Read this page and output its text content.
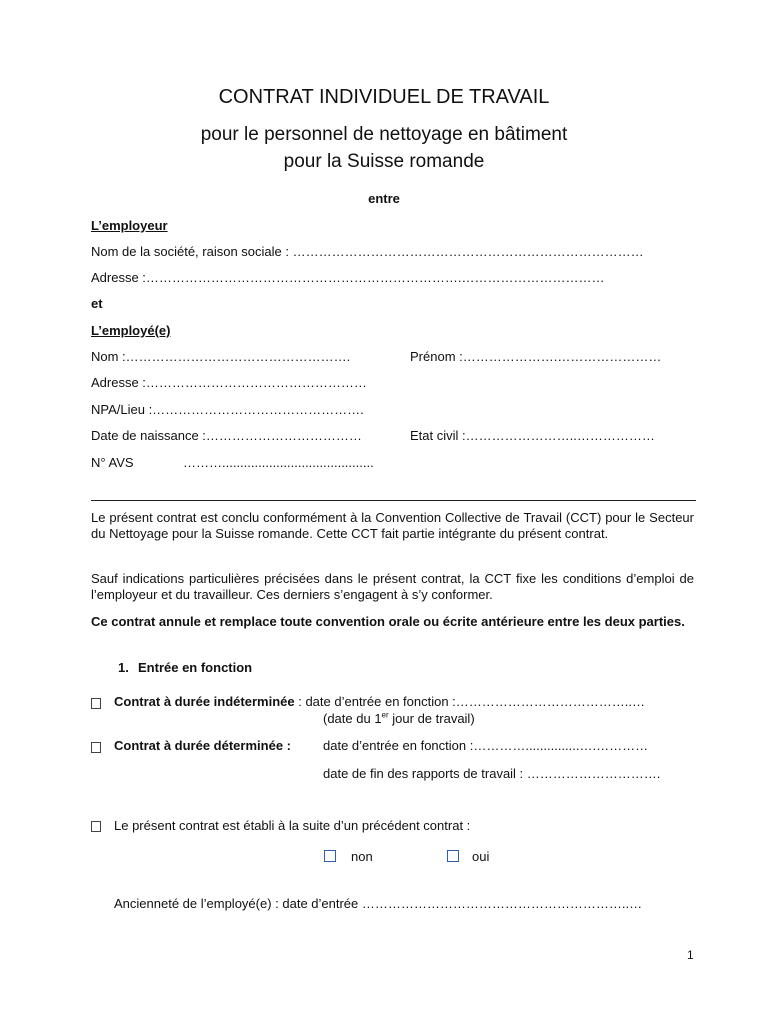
CONTRAT INDIVIDUEL DE TRAVAIL
pour le personnel de nettoyage en bâtiment
pour la Suisse romande
entre
L’employeur
Nom de la société, raison sociale : ………………………………………………………………………
Adresse :……………………………………………………………….……………………………
et
L’employé(e)
Nom :…………………………………………….	Prénom :………………….……………………
Adresse :……………………………………………
NPA/Lieu :………………………………………….
Date de naissance :………………………………	Etat civil :……………………..………………
N° AVS	………..........................................
Le présent contrat est conclu conformément à la Convention Collective de Travail (CCT) pour le Secteur du Nettoyage pour la Suisse romande. Cette CCT fait partie intégrante du présent contrat.
Sauf indications particulières précisées dans le présent contrat, la CCT fixe les conditions d’emploi de l’employeur et du travailleur. Ces derniers s’engagent à s’y conformer.
Ce contrat annule et remplace toute convention orale ou écrite antérieure entre les deux parties.
1. Entrée en fonction
Contrat à durée indéterminée : date d’entrée en fonction :…………………………………..…
(date du 1er jour de travail)
Contrat à durée déterminée : date d’entrée en fonction :…………...............….…………
date de fin des rapports de travail : ………………………….
Le présent contrat est établi à la suite d’un précédent contrat :
non	oui
Ancienneté de l’employé(e) : date d’entrée ……………………………………………………..…
1
